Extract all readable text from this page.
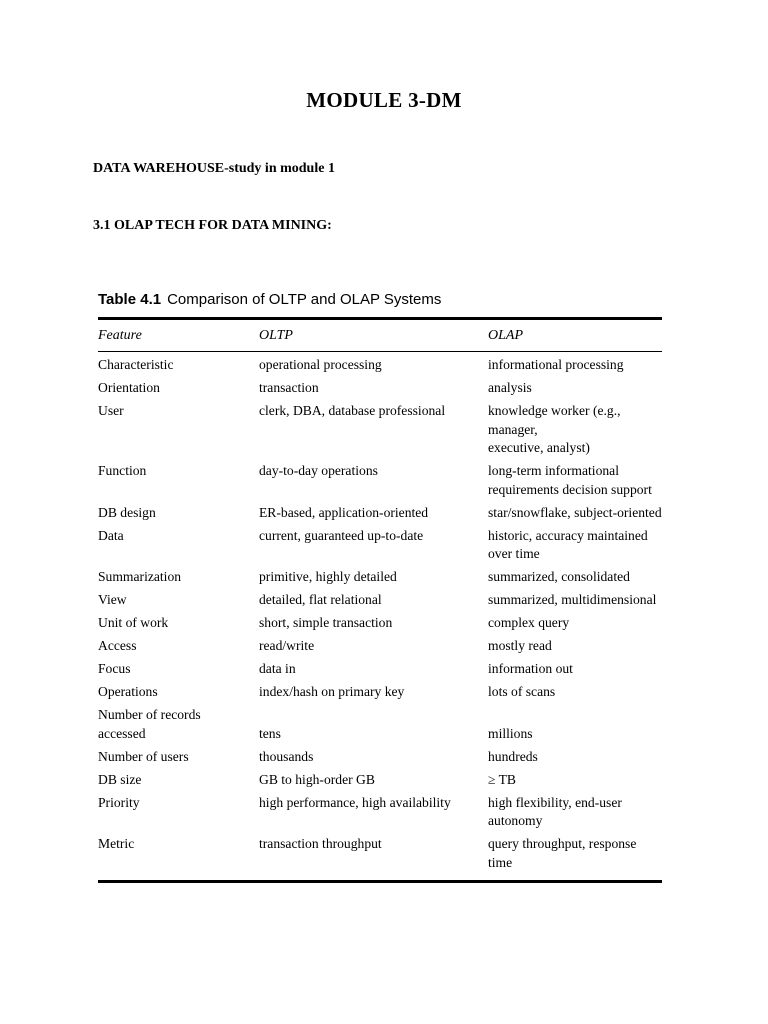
MODULE 3-DM
DATA WAREHOUSE-study in module 1
3.1 OLAP TECH FOR DATA MINING:
Table 4.1 Comparison of OLTP and OLAP Systems
Feature	OLTP	OLAP
Characteristic	operational processing	informational processing
Orientation	transaction	analysis
User	clerk, DBA, database professional	knowledge worker (e.g., manager,
executive, analyst)
Function	day-to-day operations	long-term informational
requirements decision support
DB design	ER-based, application-oriented	star/snowflake, subject-oriented
Data	current, guaranteed up-to-date	historic, accuracy maintained
over time
Summarization	primitive, highly detailed	summarized, consolidated
View	detailed, flat relational	summarized, multidimensional
Unit of work	short, simple transaction	complex query
Access	read/write	mostly read
Focus	data in	information out
Operations	index/hash on primary key	lots of scans
Number of records
accessed	tens	millions
Number of users	thousands	hundreds
DB size	GB to high-order GB	≥ TB
Priority	high performance, high availability	high flexibility, end-user autonomy
Metric	transaction throughput	query throughput, response time
